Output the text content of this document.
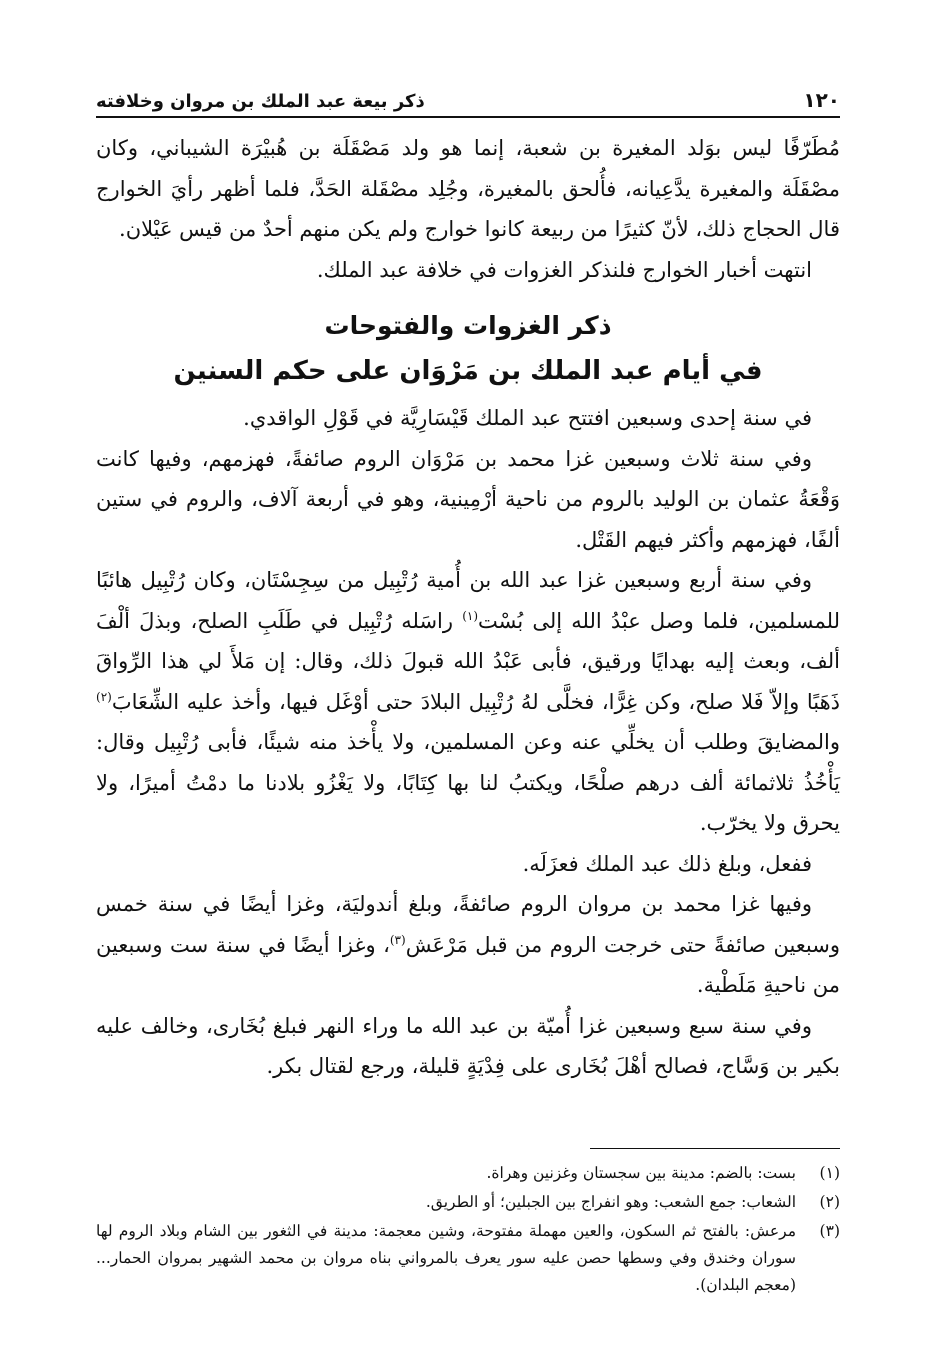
١٢٠
ذكر بيعة عبد الملك بن مروان وخلافته

مُطَرّفًا ليس بوَلد المغيرة بن شعبة، إنما هو ولد مَصْقَلَة بن هُبيْرَة الشيباني، وكان مصْقَلَة والمغيرة يدَّعِيانه، فأُلحق بالمغيرة، وجُلِد مصْقَلة الحَدَّ، فلما أظهر رأيَ الخوارج قال الحجاج ذلك، لأنّ كثيرًا من ربيعة كانوا خوارج ولم يكن منهم أحدٌ من قيس عَيْلان.

انتهت أخبار الخوارج فلنذكر الغزوات في خلافة عبد الملك.

ذكر الغزوات والفتوحات
في أيام عبد الملك بن مَرْوَان على حكم السنين

في سنة إحدى وسبعين افتتح عبد الملك قَيْسَارِيَّة في قَوْلِ الواقدي.

وفي سنة ثلاث وسبعين غزا محمد بن مَرْوَان الروم صائفةً، فهزمهم، وفيها كانت وَقْعَةُ عثمان بن الوليد بالروم من ناحية أرْمِينية، وهو في أربعة آلاف، والروم في ستين ألفًا، فهزمهم وأكثر فيهم القَتْل.

وفي سنة أربع وسبعين غزا عبد الله بن أُمية رُتْبِيل من سِجِسْتَان، وكان رُتْبِيل هائبًا للمسلمين، فلما وصل عبْدُ الله إلى بُسْت$^{(١)}$ راسَله رُتْبِيل في طَلَبِ الصلح، وبذلَ ألْفَ ألف، وبعث إليه بهدايًا ورقيق، فأبى عَبْدُ الله قبولَ ذلك، وقال: إن مَلأَ لي هذا الرِّواقَ ذَهَبًا وإلاّ فَلا صلح، وكن غِرًّا، فخلَّى لهُ رُتْبِيل البلادَ حتى أوْغَل فيها، وأخذ عليه الشِّعَابَ$^{(٢)}$ والمضايقَ وطلب أن يخلِّي عنه وعن المسلمين، ولا يأْخذ منه شيئًا، فأبى رُتْبِيل وقال: يَأْخُذُ ثلاثمائة ألف درهم صلْحًا، ويكتبُ لنا بها كِتَابًا، ولا يَغْزُو بلادنا ما دمْتُ أميرًا، ولا يحرق ولا يخرّب.

ففعل، وبلغ ذلك عبد الملك فعزَلَه.

وفيها غزا محمد بن مروان الروم صائفةً، وبلغ أندوليَة، وغزا أيضًا في سنة خمس وسبعين صائفةً حتى خرجت الروم من قبل مَرْعَش$^{(٣)}$، وغزا أيضًا في سنة ست وسبعين من ناحيةِ مَلَطْية.

وفي سنة سبع وسبعين غزا أُميّة بن عبد الله ما وراء النهر فبلغ بُخَارى، وخالف عليه بكير بن وَسَّاج، فصالح أهْلَ بُخَارى على فِدْيَةٍ قليلة، ورجع لقتال بكر.

(١)
بست: بالضم: مدينة بين سجستان وغزنين وهراة.
(٢)
الشعاب: جمع الشعب: وهو انفراج بين الجبلين؛ أو الطريق.
(٣)
مرعش: بالفتح ثم السكون، والعين مهملة مفتوحة، وشين معجمة: مدينة في الثغور بين الشام وبلاد الروم لها سوران وخندق وفي وسطها حصن عليه سور يعرف بالمرواني بناه مروان بن محمد الشهير بمروان الحمار... (معجم البلدان).
